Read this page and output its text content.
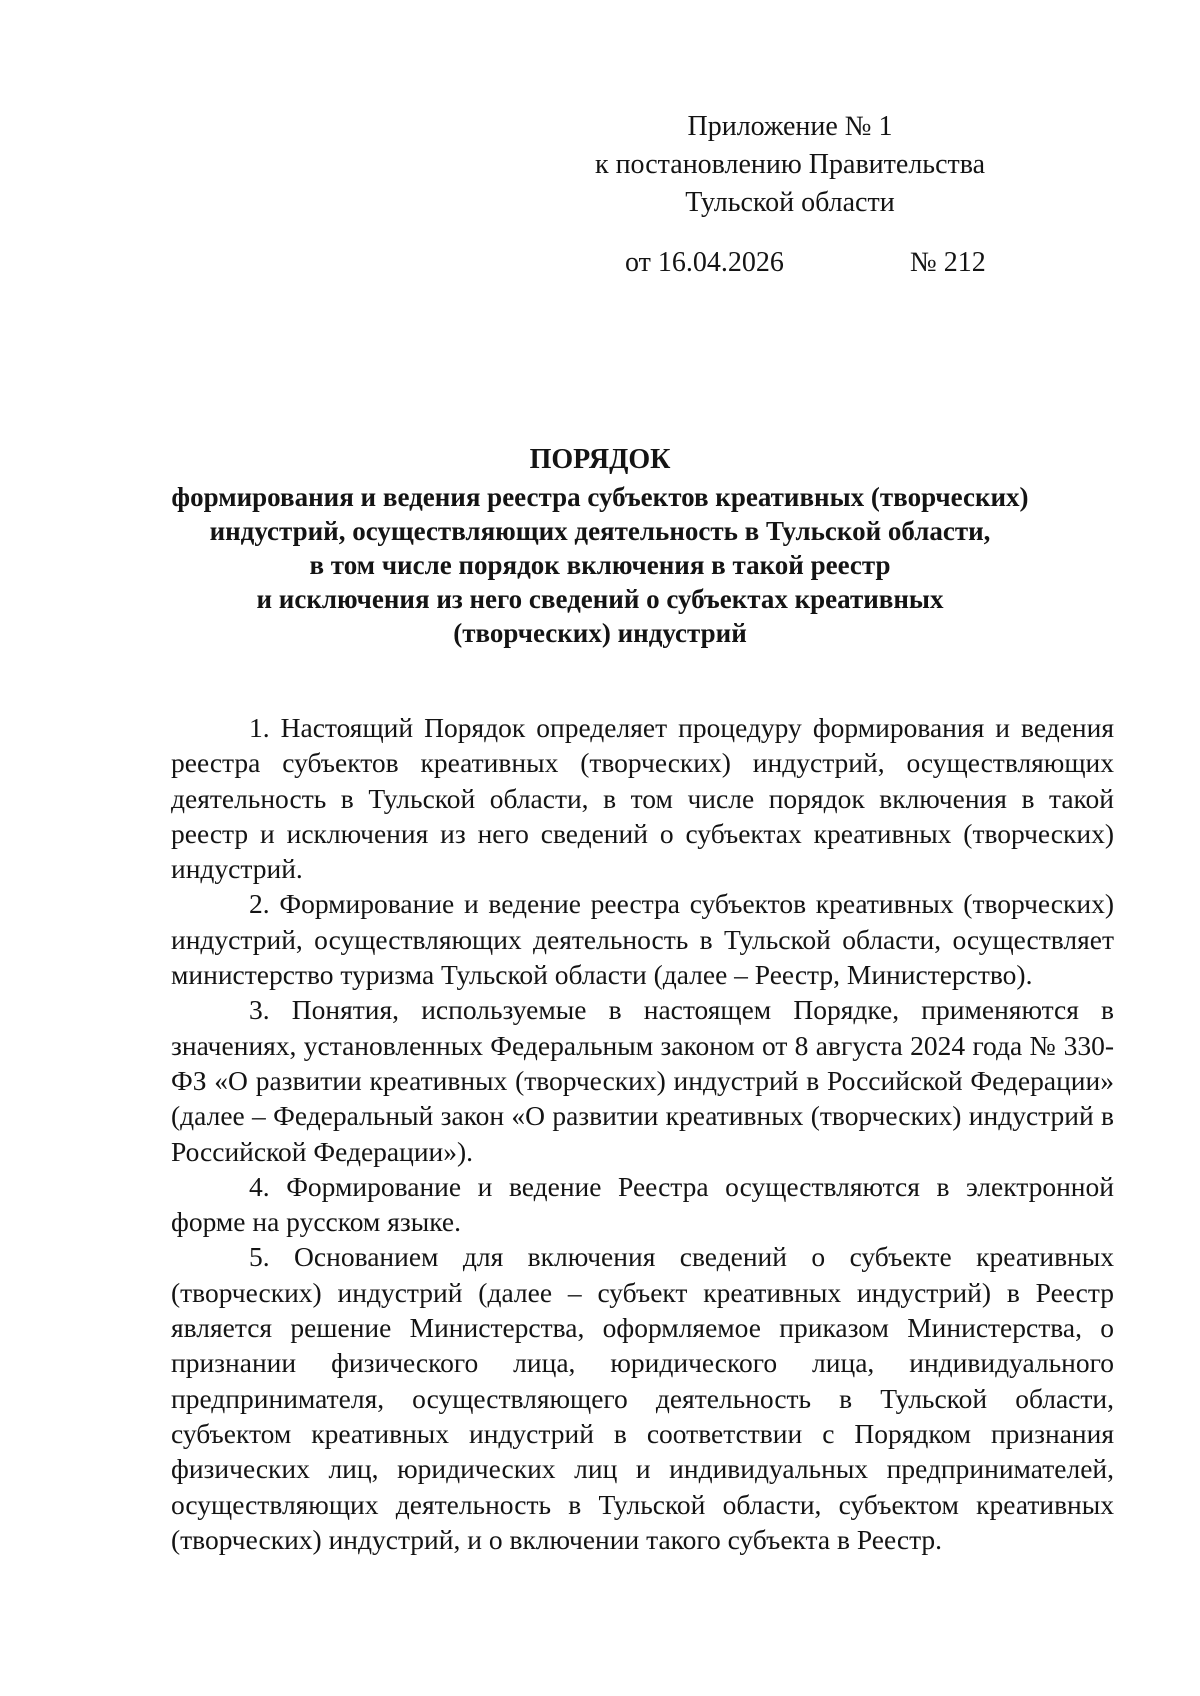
Приложение № 1
к постановлению Правительства
Тульской области
от 16.04.2026	№ 212
ПОРЯДОК
формирования и ведения реестра субъектов креативных (творческих)
индустрий, осуществляющих деятельность в Тульской области,
в том числе порядок включения в такой реестр
и исключения из него сведений о субъектах креативных
(творческих) индустрий

1. Настоящий Порядок определяет процедуру формирования и ведения реестра субъектов креативных (творческих) индустрий, осуществляющих деятельность в Тульской области, в том числе порядок включения в такой реестр и исключения из него сведений о субъектах креативных (творческих) индустрий.

2. Формирование и ведение реестра субъектов креативных (творческих) индустрий, осуществляющих деятельность в Тульской области, осуществляет министерство туризма Тульской области (далее – Реестр, Министерство).

3. Понятия, используемые в настоящем Порядке, применяются в значениях, установленных Федеральным законом от 8 августа 2024 года № 330-ФЗ «О развитии креативных (творческих) индустрий в Российской Федерации» (далее – Федеральный закон «О развитии креативных (творческих) индустрий в Российской Федерации»).

4. Формирование и ведение Реестра осуществляются в электронной форме на русском языке.

5. Основанием для включения сведений о субъекте креативных (творческих) индустрий (далее – субъект креативных индустрий) в Реестр является решение Министерства, оформляемое приказом Министерства, о признании физического лица, юридического лица, индивидуального предпринимателя, осуществляющего деятельность в Тульской области, субъектом креативных индустрий в соответствии с Порядком признания физических лиц, юридических лиц и индивидуальных предпринимателей, осуществляющих деятельность в Тульской области, субъектом креативных (творческих) индустрий, и о включении такого субъекта в Реестр.
